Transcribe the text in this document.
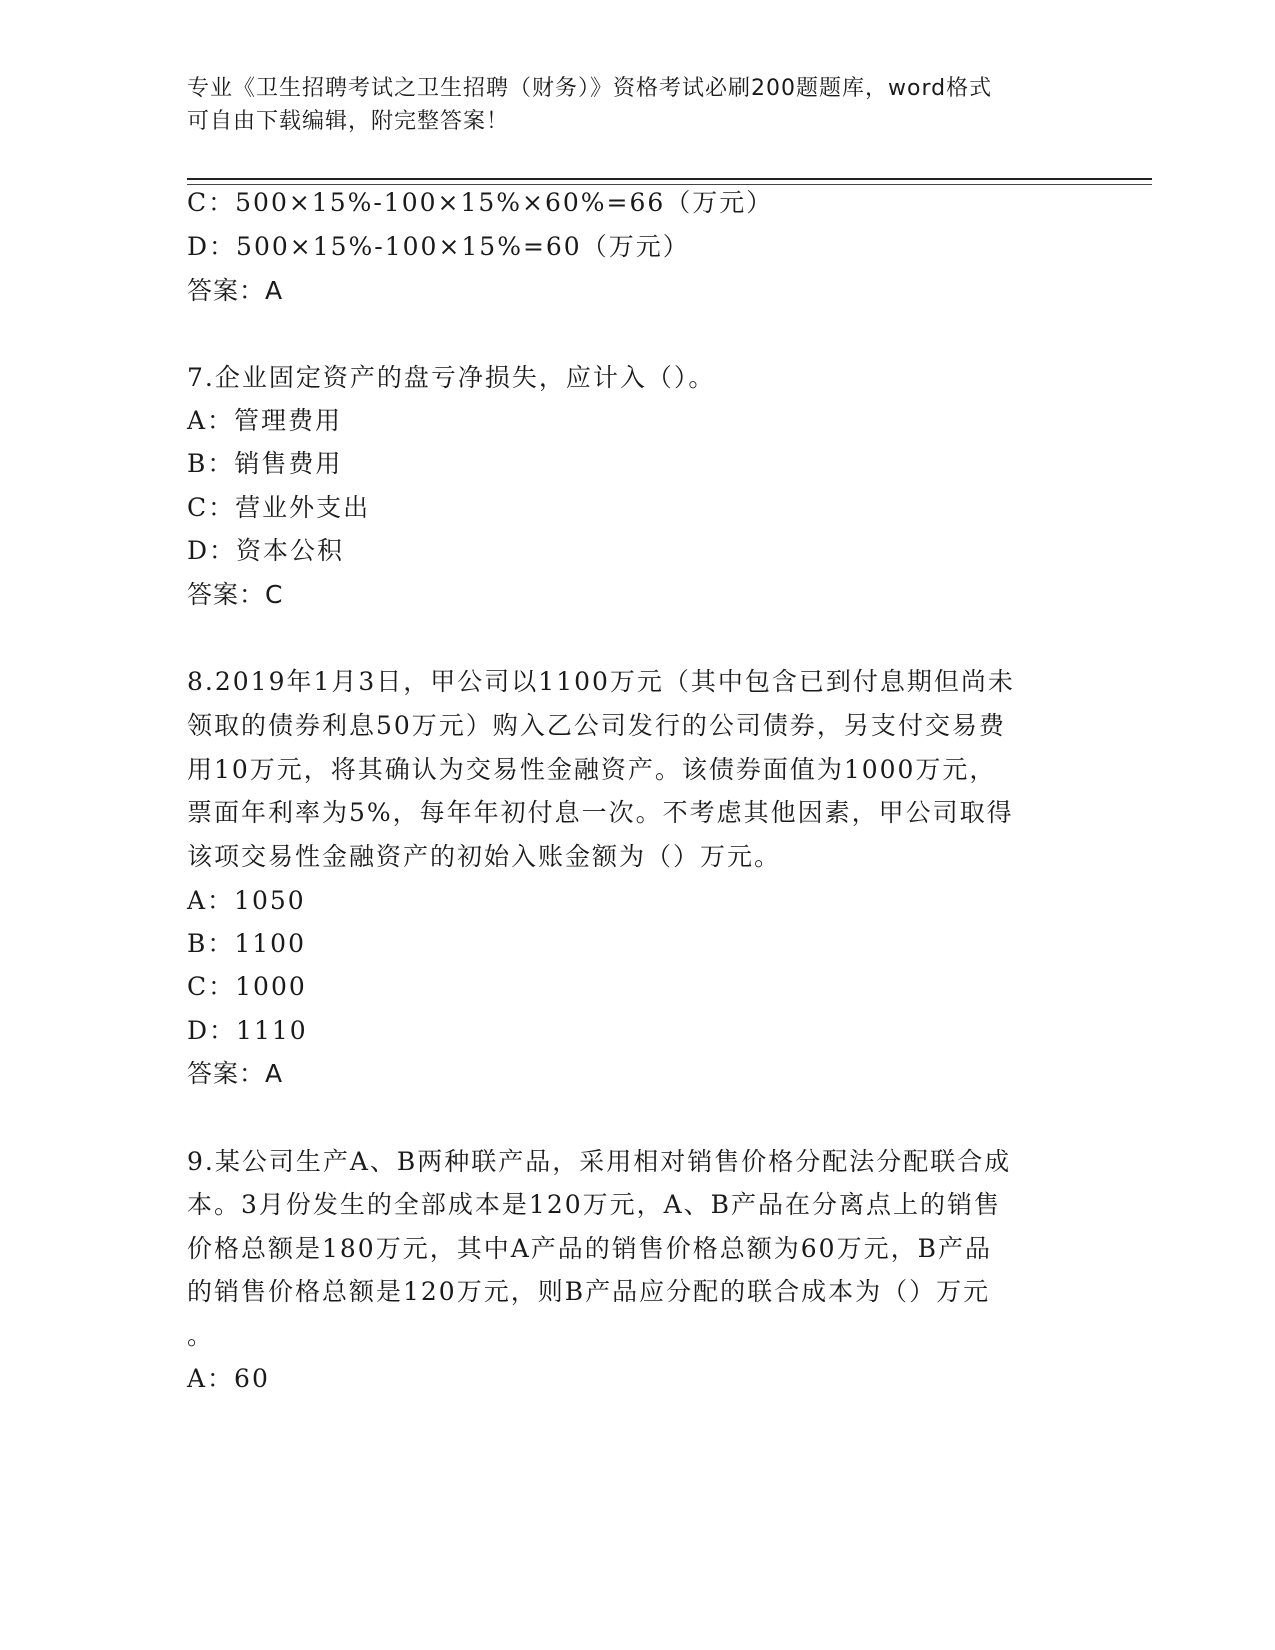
专业《卫生招聘考试之卫生招聘（财务）》资格考试必刷200题题库，word格式
可自由下载编辑，附完整答案！
C：500×15%-100×15%×60%=66（万元）
D：500×15%-100×15%=60（万元）
答案：A
7.企业固定资产的盘亏净损失，应计入（）。
A：管理费用
B：销售费用
C：营业外支出
D：资本公积
答案：C
8.2019年1月3日，甲公司以1100万元（其中包含已到付息期但尚未
领取的债券利息50万元）购入乙公司发行的公司债券，另支付交易费
用10万元，将其确认为交易性金融资产。该债券面值为1000万元，
票面年利率为5%，每年年初付息一次。不考虑其他因素，甲公司取得
该项交易性金融资产的初始入账金额为（）万元。
A：1050
B：1100
C：1000
D：1110
答案：A
9.某公司生产A、B两种联产品，采用相对销售价格分配法分配联合成
本。3月份发生的全部成本是120万元，A、B产品在分离点上的销售
价格总额是180万元，其中A产品的销售价格总额为60万元，B产品
的销售价格总额是120万元，则B产品应分配的联合成本为（）万元
。
A：60
